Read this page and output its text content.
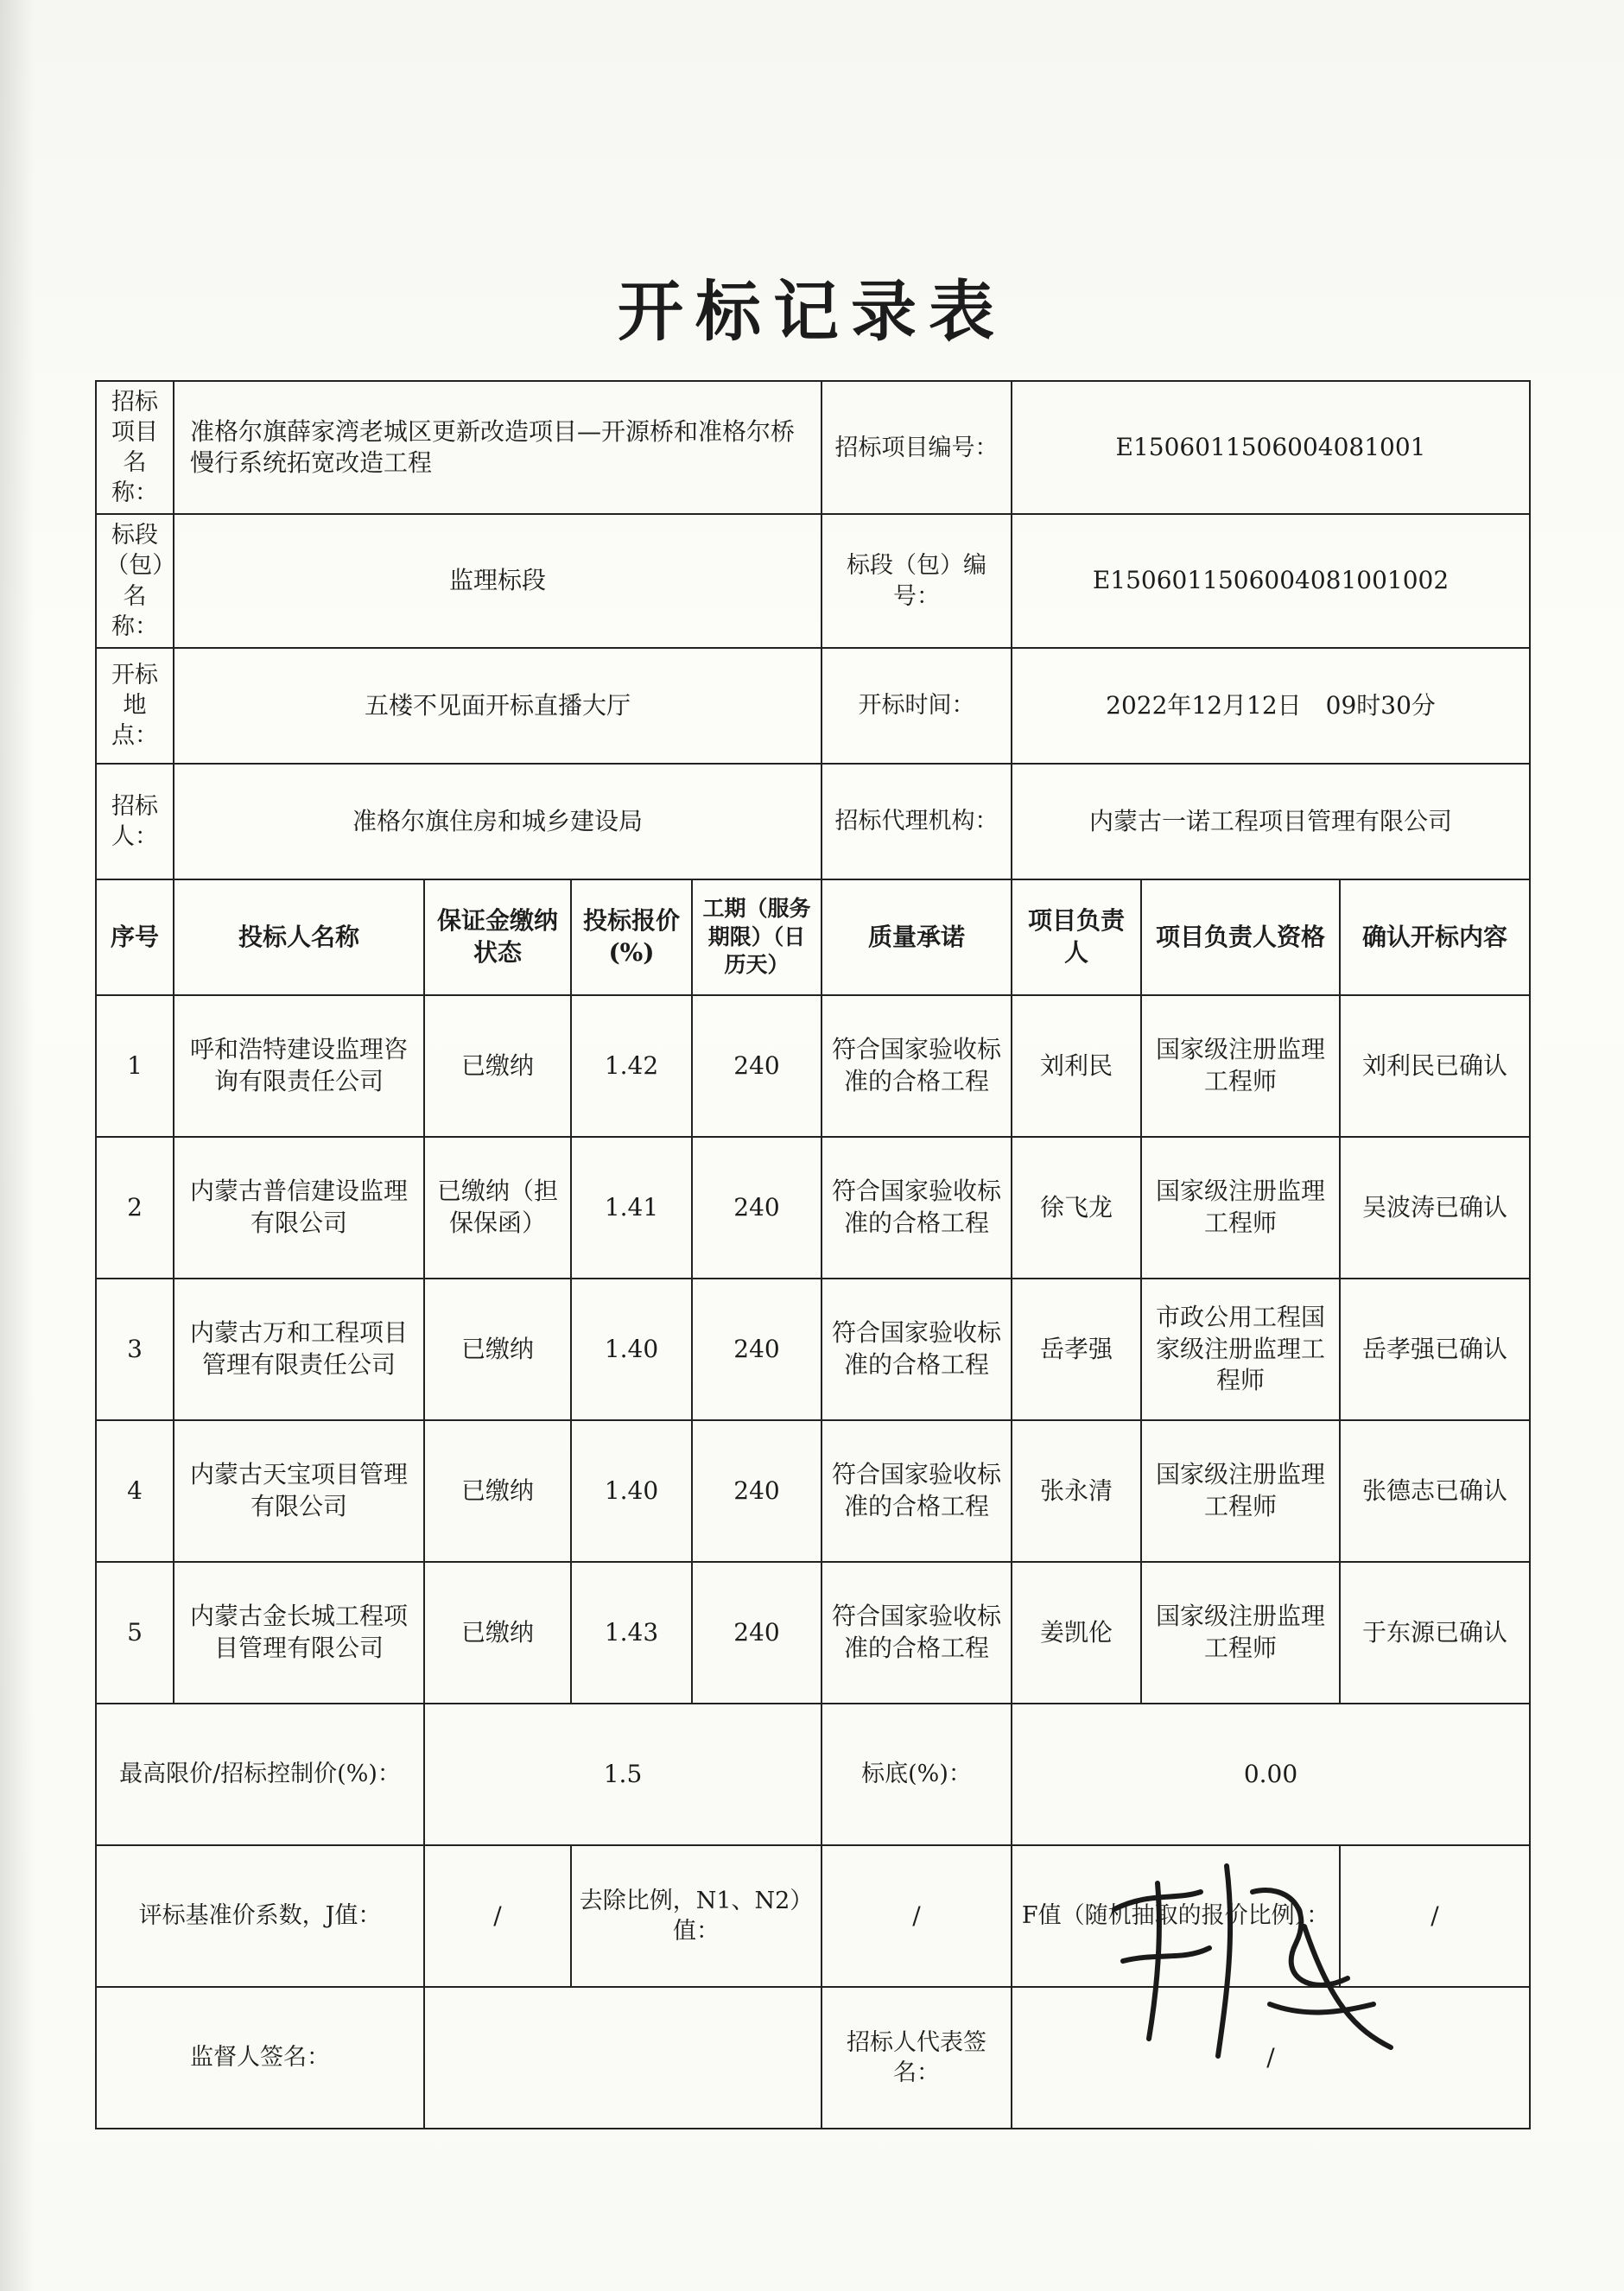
开标记录表
招标项目名称：	准格尔旗薛家湾老城区更新改造项目—开源桥和准格尔桥慢行系统拓宽改造工程				招标项目编号：	E1506011506004081001		
标段（包）名称：	监理标段				标段（包）编号：	E1506011506004081001002		
开标地点：	五楼不见面开标直播大厅				开标时间：	2022年12月12日　09时30分		
招标人：	准格尔旗住房和城乡建设局				招标代理机构：	内蒙古一诺工程项目管理有限公司		
序号	投标人名称	保证金缴纳状态	投标报价(%)	工期（服务期限）（日历天）	质量承诺	项目负责人	项目负责人资格	确认开标内容
1	呼和浩特建设监理咨询有限责任公司	已缴纳	1.42	240	符合国家验收标准的合格工程	刘利民	国家级注册监理工程师	刘利民已确认
2	内蒙古普信建设监理有限公司	已缴纳（担保保函）	1.41	240	符合国家验收标准的合格工程	徐飞龙	国家级注册监理工程师	吴波涛已确认
3	内蒙古万和工程项目管理有限责任公司	已缴纳	1.40	240	符合国家验收标准的合格工程	岳孝强	市政公用工程国家级注册监理工程师	岳孝强已确认
4	内蒙古天宝项目管理有限公司	已缴纳	1.40	240	符合国家验收标准的合格工程	张永清	国家级注册监理工程师	张德志已确认
5	内蒙古金长城工程项目管理有限公司	已缴纳	1.43	240	符合国家验收标准的合格工程	姜凯伦	国家级注册监理工程师	于东源已确认
最高限价/招标控制价(%)：		1.5			标底(%)：	0.00		
评标基准价系数，J值：		/	去除比例，N1、N2）值：		/	F值（随机抽取的报价比例）：		/
监督人签名：					招标人代表签名：	/		
